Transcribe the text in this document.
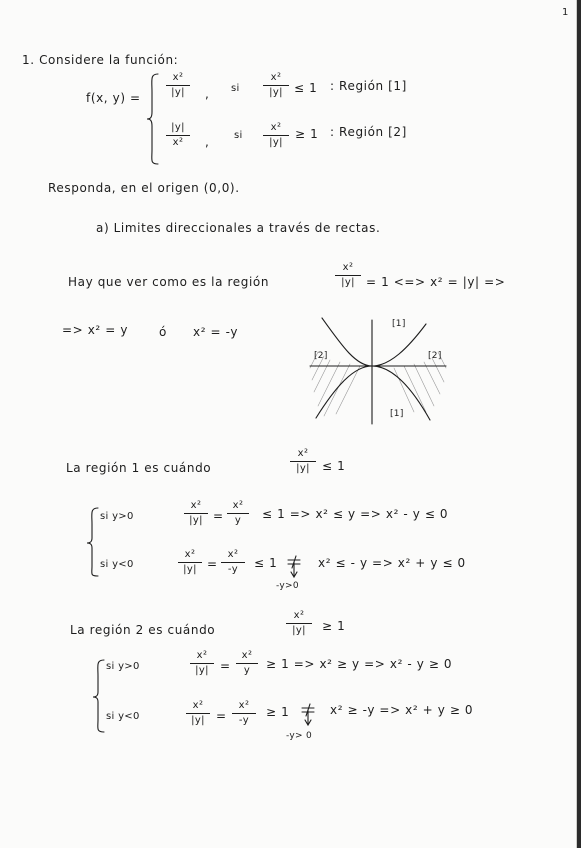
1
1. Considere la función:
f(x, y) =
x²
|y|	, si
x²
|y| ≤ 1 : Región [1]
|y|
x²	, si
x²
|y|
≥ 1 : Región [2]
Responda, en el origen (0,0).
a) Limites direccionales a través de rectas.
Hay que ver como es la región
x²
|y| = 1 <=> x² = |y| =>
=> x² = y	ó x² = -y
[1]
[2]	[2]
[1]
La región 1 es cuándo
x²
|y|	≤ 1
si y>0
x²
|y| =
x²
y	≤ 1 => x² ≤ y => x² - y ≤ 0
si y<0
x²
|y| =
x²
-y	≤ 1	x² ≤ - y => x² + y ≤ 0
-y>0
La región 2 es cuándo
x²
|y|	≥ 1
si y>0
x²
|y| =
x²
y	≥ 1 => x² ≥ y => x² - y ≥ 0
si y<0
x²
|y| =
x²
-y
≥ 1	x² ≥ -y => x² + y ≥ 0
-y> 0
